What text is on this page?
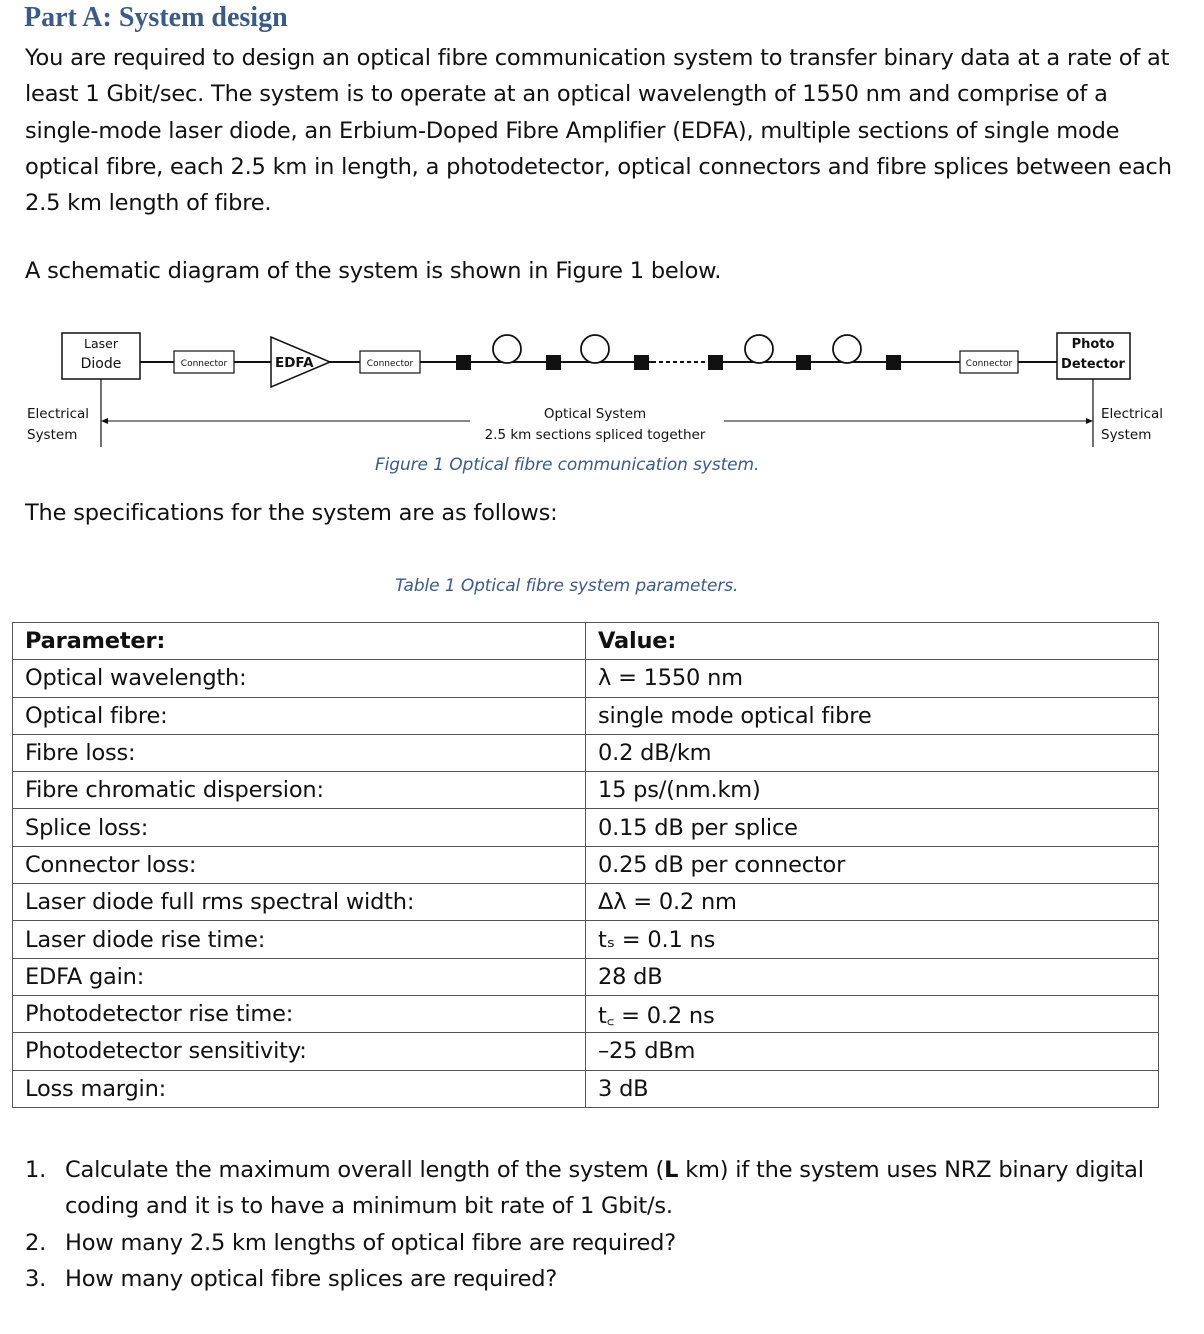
Part A: System design

You are required to design an optical fibre communication system to transfer binary data at a rate of at least 1 Gbit/sec. The system is to operate at an optical wavelength of 1550 nm and comprise of a single-mode laser diode, an Erbium-Doped Fibre Amplifier (EDFA), multiple sections of single mode optical fibre, each 2.5 km in length, a photodetector, optical connectors and fibre splices between each 2.5 km length of fibre.

A schematic diagram of the system is shown in Figure 1 below.

Laser
Diode	Connector	EDFA	Connector	Connector
Photo
Detector
Electrical
System
Electrical
System
Optical System
2.5 km sections spliced together

Figure 1 Optical fibre communication system.

The specifications for the system are as follows:

Table 1 Optical fibre system parameters.

Parameter:	Value:
Optical wavelength:	λ = 1550 nm
Optical fibre:	single mode optical fibre
Fibre loss:	0.2 dB/km
Fibre chromatic dispersion:	15 ps/(nm.km)
Splice loss:	0.15 dB per splice
Connector loss:	0.25 dB per connector
Laser diode full rms spectral width:	Δλ = 0.2 nm
Laser diode rise time:	tₛ = 0.1 ns
EDFA gain:	28 dB
Photodetector rise time:	t꜀ = 0.2 ns
Photodetector sensitivity:	–25 dBm
Loss margin:	3 dB
1. Calculate the maximum overall length of the system (L km) if the system uses NRZ binary digital coding and it is to have a minimum bit rate of 1 Gbit/s.
2. How many 2.5 km lengths of optical fibre are required?
3. How many optical fibre splices are required?
